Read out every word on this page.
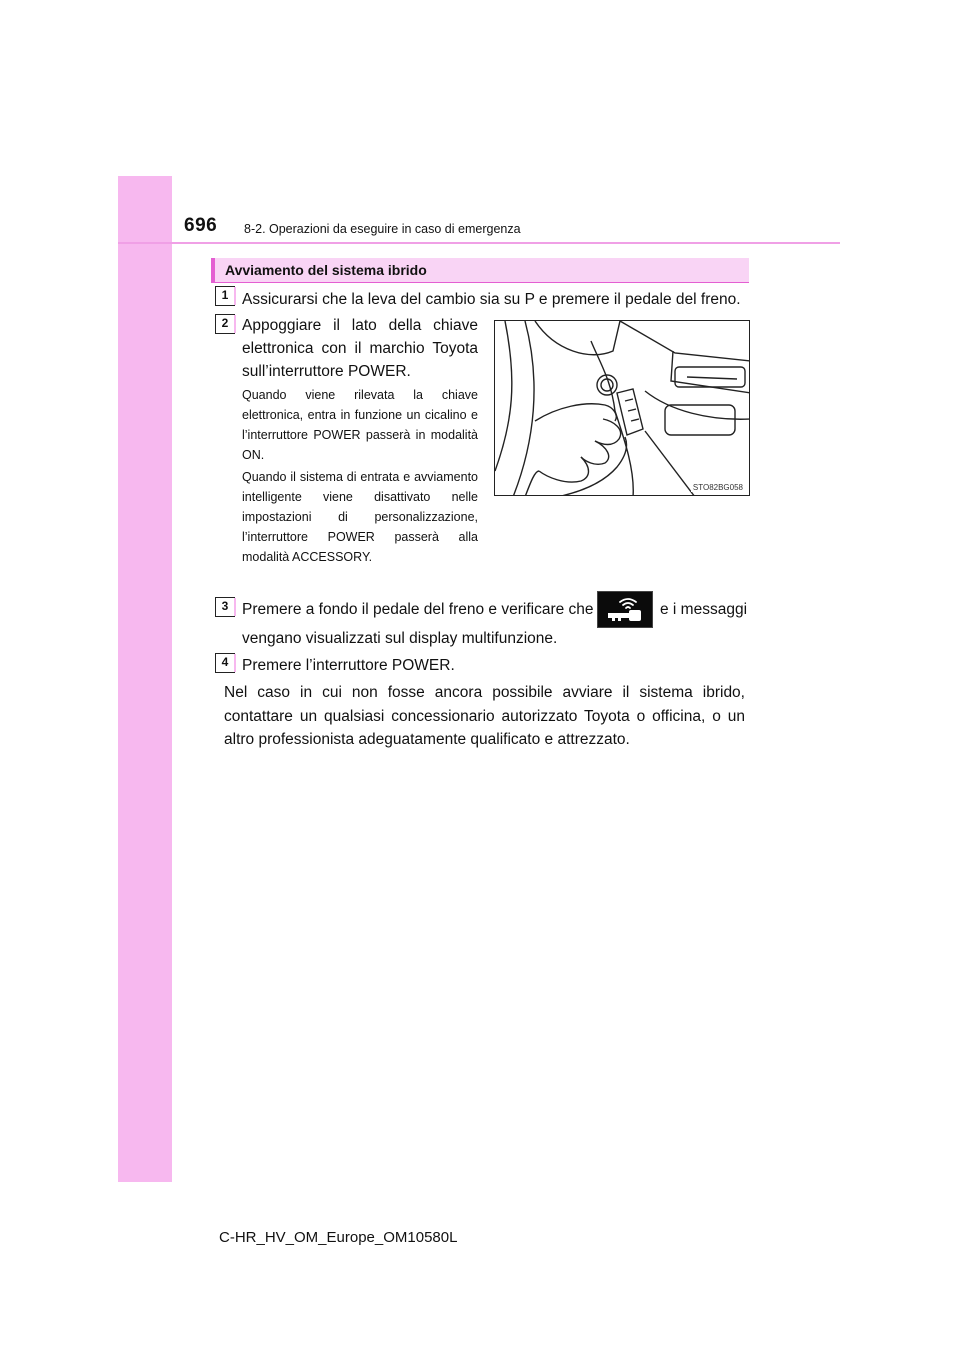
696 8-2. Operazioni da eseguire in caso di emergenza
Avviamento del sistema ibrido
1 Assicurarsi che la leva del cambio sia su P e premere il pedale del freno.
2 Appoggiare il lato della chiave elettronica con il marchio Toyota sull’interruttore POWER.
Quando viene rilevata la chiave elettronica, entra in funzione un cicalino e l’interruttore POWER passerà in modalità ON.
Quando il sistema di entrata e avviamento intelligente viene disattivato nelle impostazioni di personalizzazione, l’interruttore POWER passerà alla modalità ACCESSORY.
STO82BG058
3 Premere a fondo il pedale del freno e verificare che	e i messaggi
vengano visualizzati sul display multifunzione.
4 Premere l’interruttore POWER.
Nel caso in cui non fosse ancora possibile avviare il sistema ibrido, contattare un qualsiasi concessionario autorizzato Toyota o officina, o un altro professionista adeguatamente qualificato e attrezzato.
C-HR_HV_OM_Europe_OM10580L
